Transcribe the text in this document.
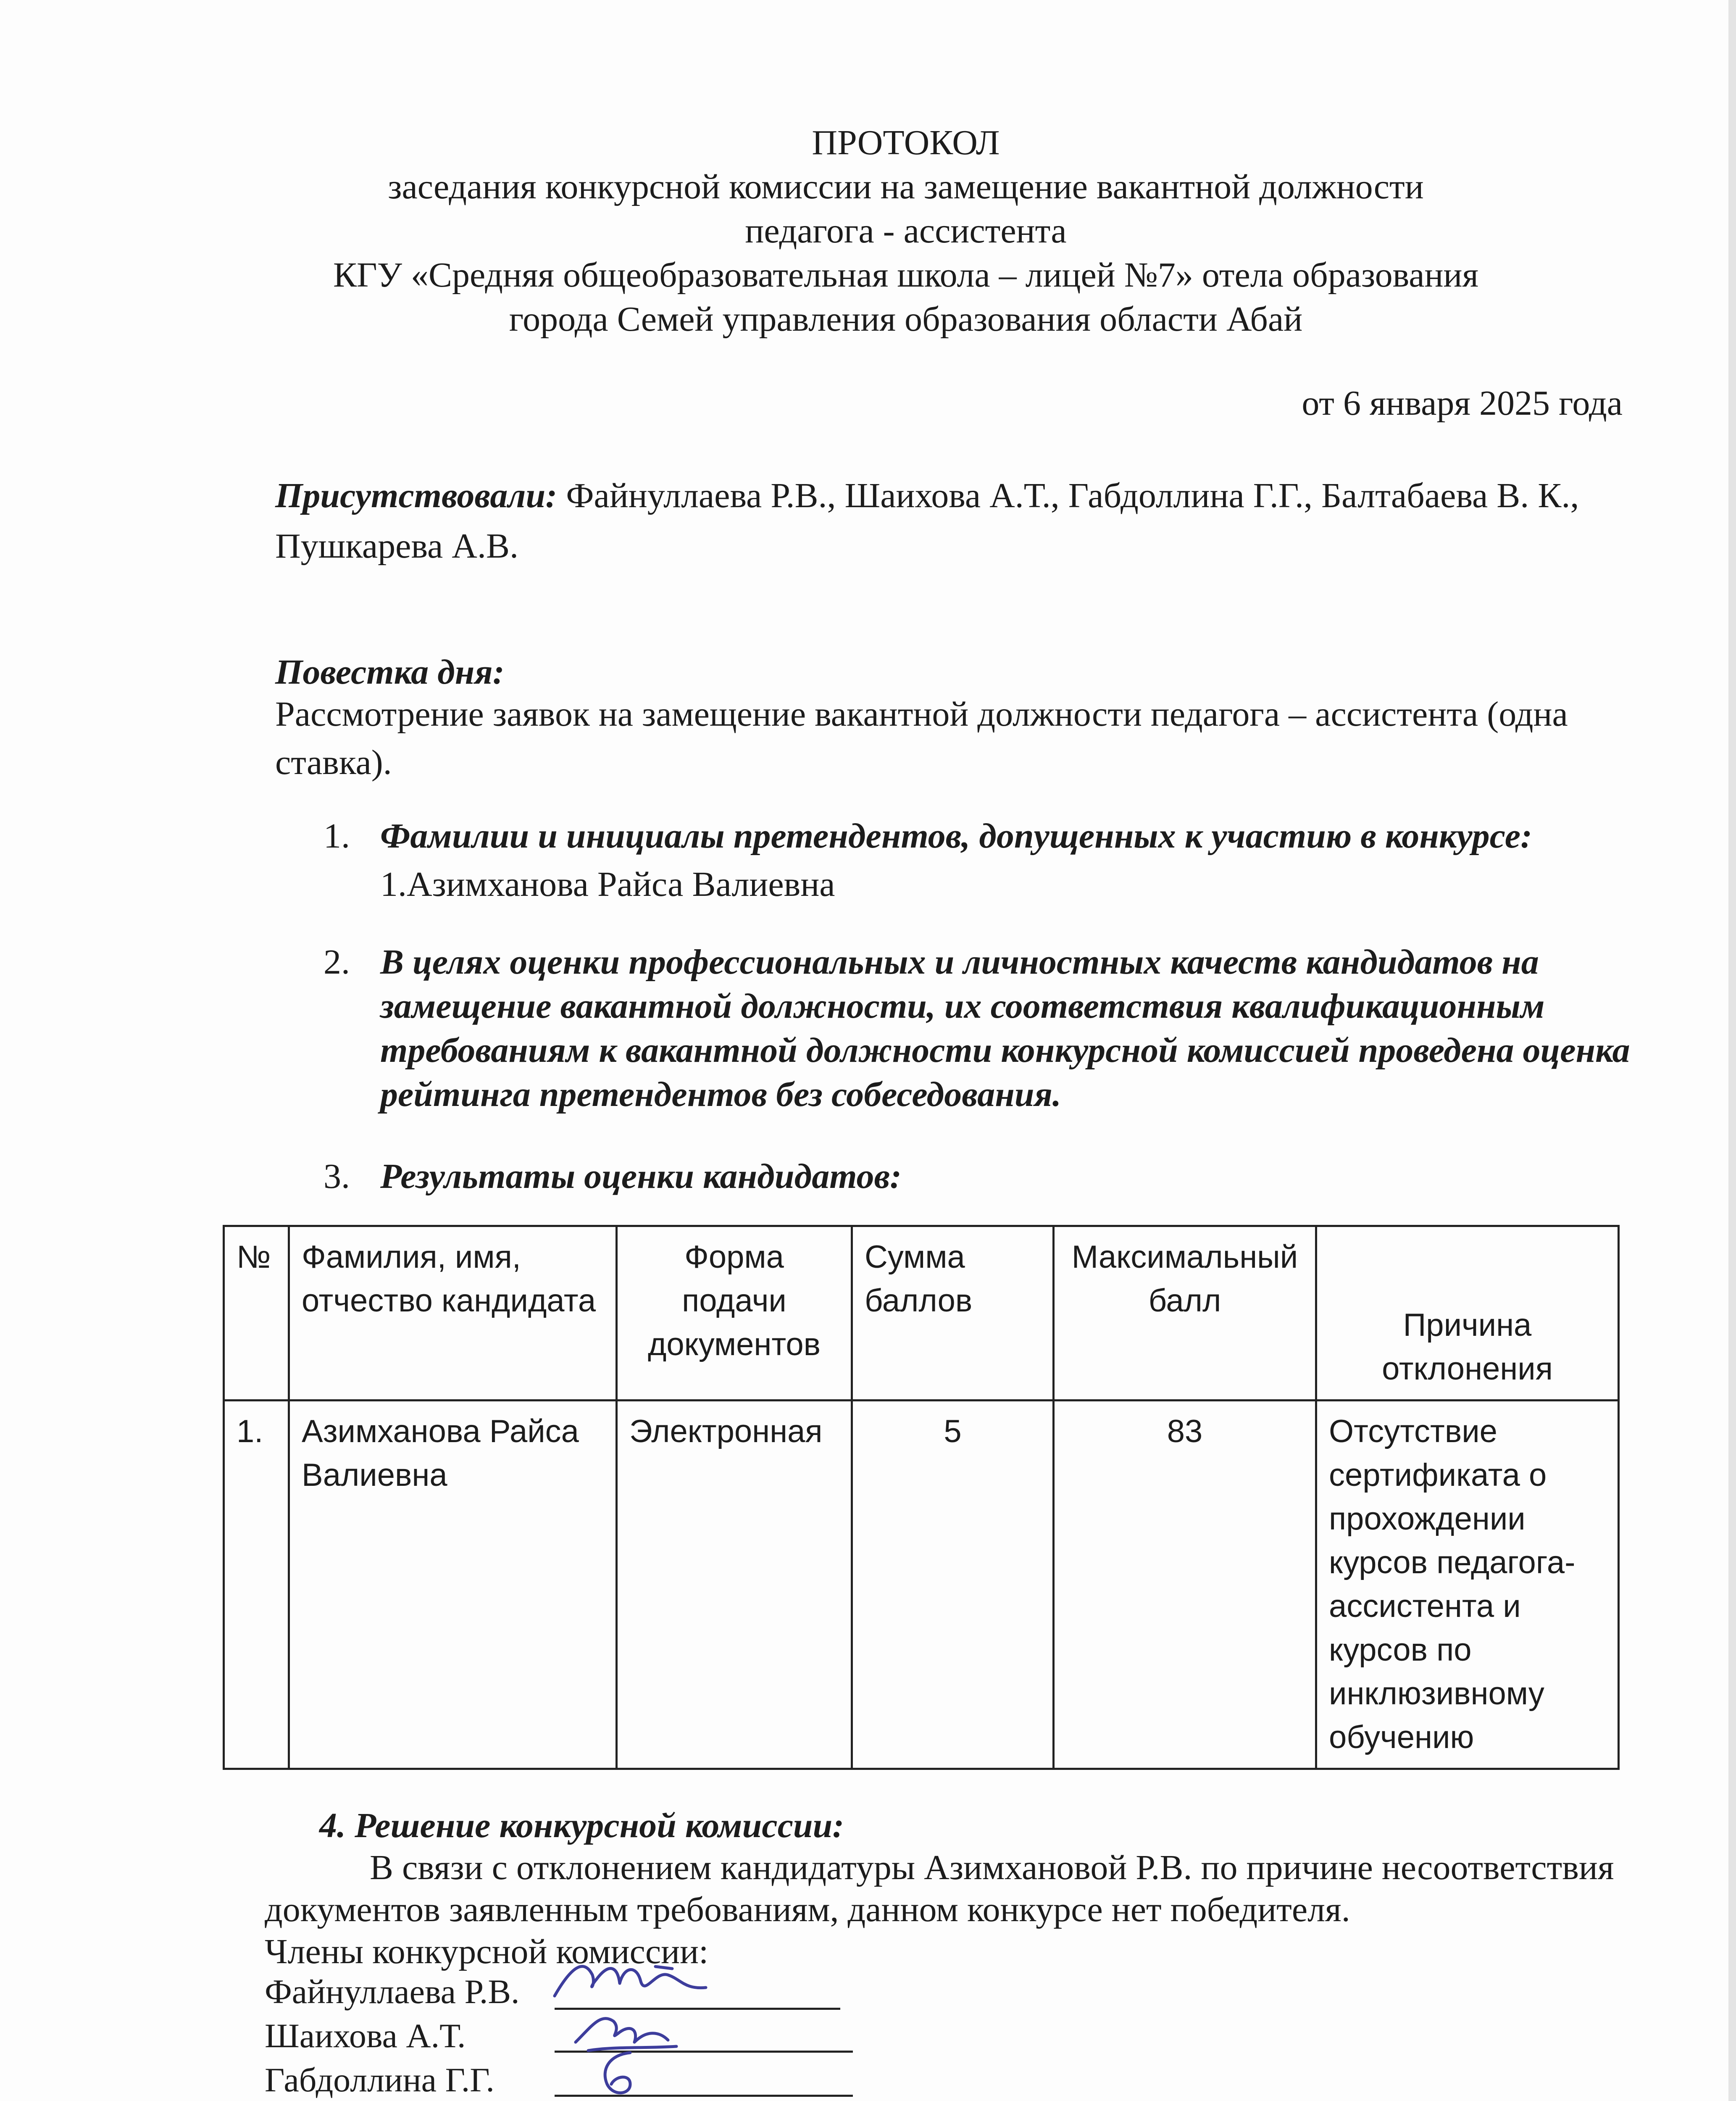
ПРОТОКОЛ
заседания конкурсной комиссии на замещение вакантной должности
педагога - ассистента
КГУ «Средняя общеобразовательная школа – лицей №7» отела образования
города Семей управления образования области Абай
от 6 января 2025 года
Присутствовали: Файнуллаева Р.В., Шаихова А.Т., Габдоллина Г.Г., Балтабаева В. К.,
Пушкарева А.В.
Повестка дня:
Рассмотрение заявок на замещение вакантной должности педагога – ассистента (одна
ставка).
1. Фамилии и инициалы претендентов, допущенных к участию в конкурсе:
1.Азимханова Райса Валиевна
2. В целях оценки профессиональных и личностных качеств кандидатов на
замещение вакантной должности, их соответствия квалификационным
требованиям к вакантной должности конкурсной комиссией проведена оценка
рейтинга претендентов без собеседования.
3. Результаты оценки кандидатов:
№	Фамилия, имя, отчество кандидата	Форма подачи документов	Сумма баллов	Максимальный балл	Причина отклонения
1.	Азимханова Райса Валиевна	Электронная	5	83	Отсутствие сертификата о прохождении курсов педагога-ассистента и курсов по инклюзивному обучению
4. Решение конкурсной комиссии:
В связи с отклонением кандидатуры Азимхановой Р.В. по причине несоответствия
документов заявленным требованиям, данном конкурсе нет победителя.
Члены конкурсной комиссии:
Файнуллаева Р.В.
Шаихова А.Т.
Габдоллина Г.Г.
